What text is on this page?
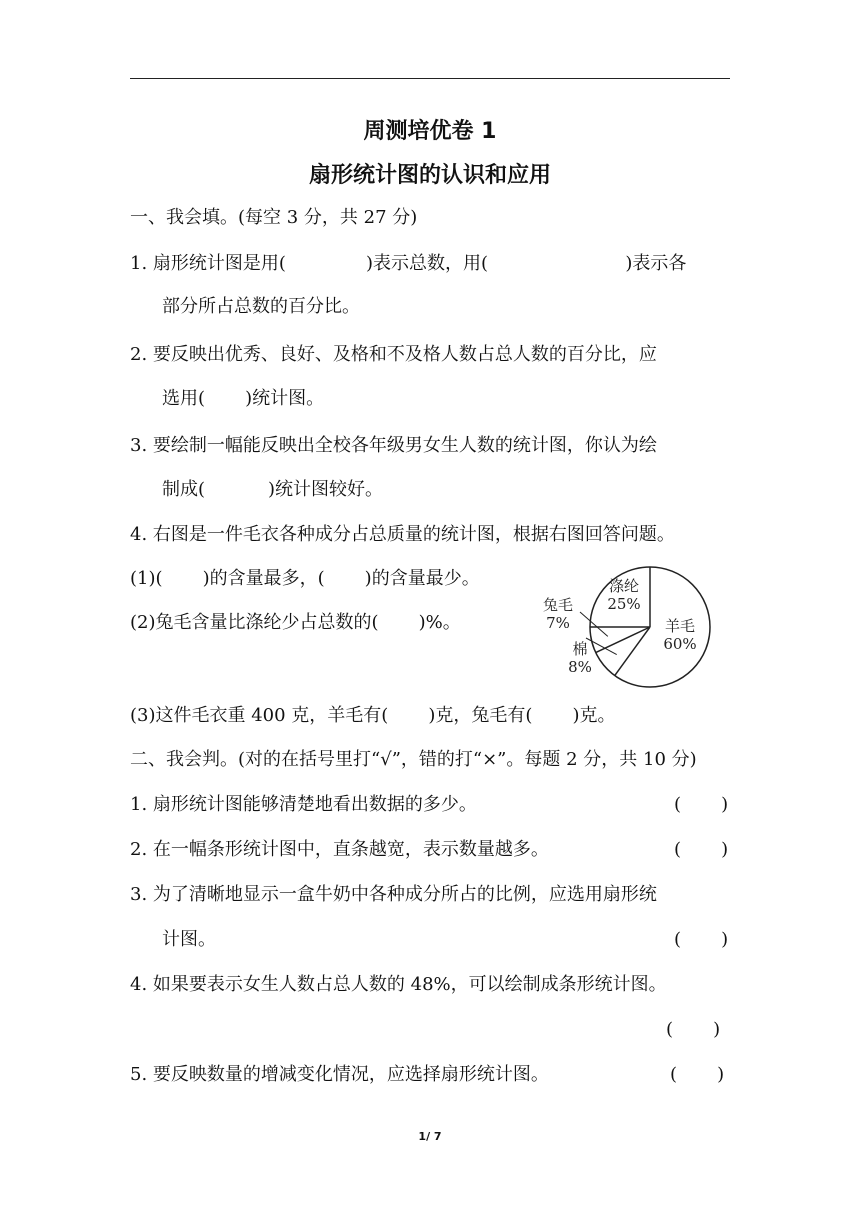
周测培优卷 1
扇形统计图的认识和应用
一、我会填。(每空 3 分，共 27 分)
1. 扇形统计图是用(              )表示总数，用(                        )表示各
部分所占总数的百分比。
2. 要反映出优秀、良好、及格和不及格人数占总人数的百分比，应
选用(       )统计图。
3. 要绘制一幅能反映出全校各年级男女生人数的统计图，你认为绘
制成(           )统计图较好。
4. 右图是一件毛衣各种成分占总质量的统计图，根据右图回答问题。
(1)(       )的含量最多，(       )的含量最少。
(2)兔毛含量比涤纶少占总数的(       )%。
涤纶
25%
羊毛
60%
棉
8%
兔毛
7%
(3)这件毛衣重 400 克，羊毛有(       )克，兔毛有(       )克。
二、我会判。(对的在括号里打“√”，错的打“×”。每题 2 分，共 10 分)
1. 扇形统计图能够清楚地看出数据的多少。	(       )
2. 在一幅条形统计图中，直条越宽，表示数量越多。	(       )
3. 为了清晰地显示一盒牛奶中各种成分所占的比例，应选用扇形统
计图。	(       )
4. 如果要表示女生人数占总人数的 48%，可以绘制成条形统计图。
(       )
5. 要反映数量的增减变化情况，应选择扇形统计图。	(       )
1/ 7
